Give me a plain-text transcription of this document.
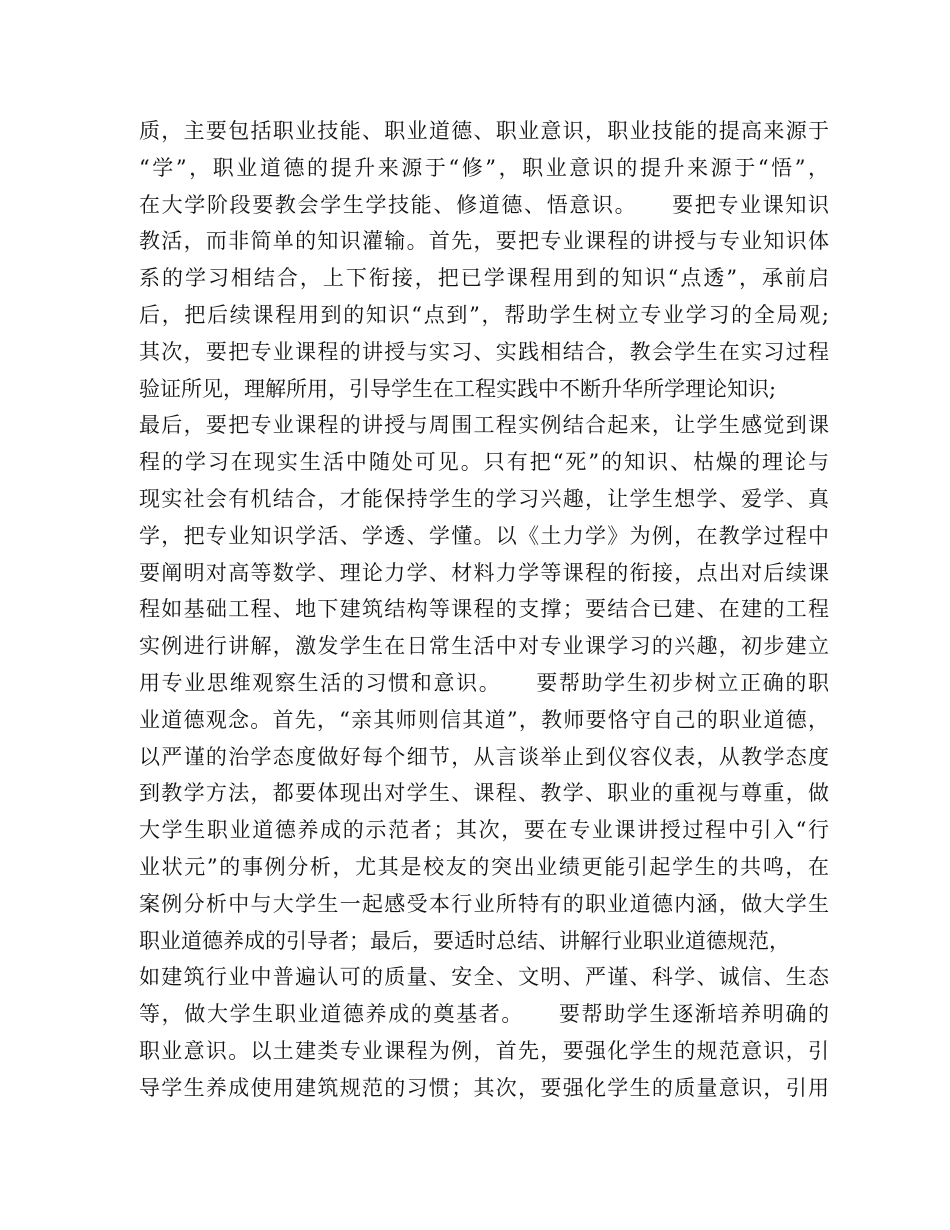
质，主要包括职业技能、职业道德、职业意识，职业技能的提高来源于
“学”，职业道德的提升来源于“修”，职业意识的提升来源于“悟”，
在大学阶段要教会学生学技能、修道德、悟意识。　　要把专业课知识
教活，而非简单的知识灌输。首先，要把专业课程的讲授与专业知识体
系的学习相结合，上下衔接，把已学课程用到的知识“点透”，承前启
后，把后续课程用到的知识“点到”，帮助学生树立专业学习的全局观;
其次，要把专业课程的讲授与实习、实践相结合，教会学生在实习过程
验证所见，理解所用，引导学生在工程实践中不断升华所学理论知识;
最后，要把专业课程的讲授与周围工程实例结合起来，让学生感觉到课
程的学习在现实生活中随处可见。只有把“死”的知识、枯燥的理论与
现实社会有机结合，才能保持学生的学习兴趣，让学生想学、爱学、真
学，把专业知识学活、学透、学懂。以《土力学》为例，在教学过程中
要阐明对高等数学、理论力学、材料力学等课程的衔接，点出对后续课
程如基础工程、地下建筑结构等课程的支撑；要结合已建、在建的工程
实例进行讲解，激发学生在日常生活中对专业课学习的兴趣，初步建立
用专业思维观察生活的习惯和意识。　　要帮助学生初步树立正确的职
业道德观念。首先，“亲其师则信其道”，教师要恪守自己的职业道德，
以严谨的治学态度做好每个细节，从言谈举止到仪容仪表，从教学态度
到教学方法，都要体现出对学生、课程、教学、职业的重视与尊重，做
大学生职业道德养成的示范者；其次，要在专业课讲授过程中引入“行
业状元”的事例分析，尤其是校友的突出业绩更能引起学生的共鸣，在
案例分析中与大学生一起感受本行业所特有的职业道德内涵，做大学生
职业道德养成的引导者；最后，要适时总结、讲解行业职业道德规范，
如建筑行业中普遍认可的质量、安全、文明、严谨、科学、诚信、生态
等，做大学生职业道德养成的奠基者。　　要帮助学生逐渐培养明确的
职业意识。以土建类专业课程为例，首先，要强化学生的规范意识，引
导学生养成使用建筑规范的习惯；其次，要强化学生的质量意识，引用
